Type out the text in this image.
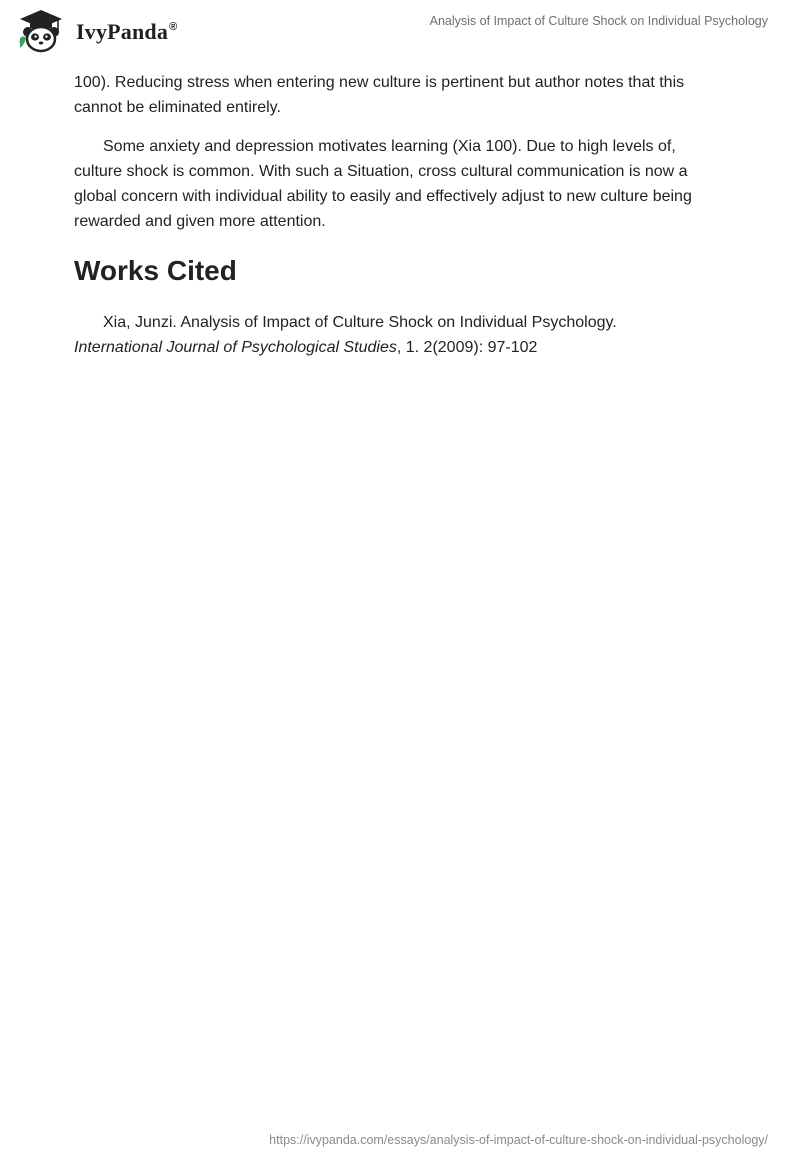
IvyPanda®	Analysis of Impact of Culture Shock on Individual Psychology

100). Reducing stress when entering new culture is pertinent but author notes that this cannot be eliminated entirely.

Some anxiety and depression motivates learning (Xia 100). Due to high levels of, culture shock is common. With such a Situation, cross cultural communication is now a global concern with individual ability to easily and effectively adjust to new culture being rewarded and given more attention.

Works Cited

Xia, Junzi. Analysis of Impact of Culture Shock on Individual Psychology.
International Journal of Psychological Studies, 1. 2(2009): 97-102

https://ivypanda.com/essays/analysis-of-impact-of-culture-shock-on-individual-psychology/
